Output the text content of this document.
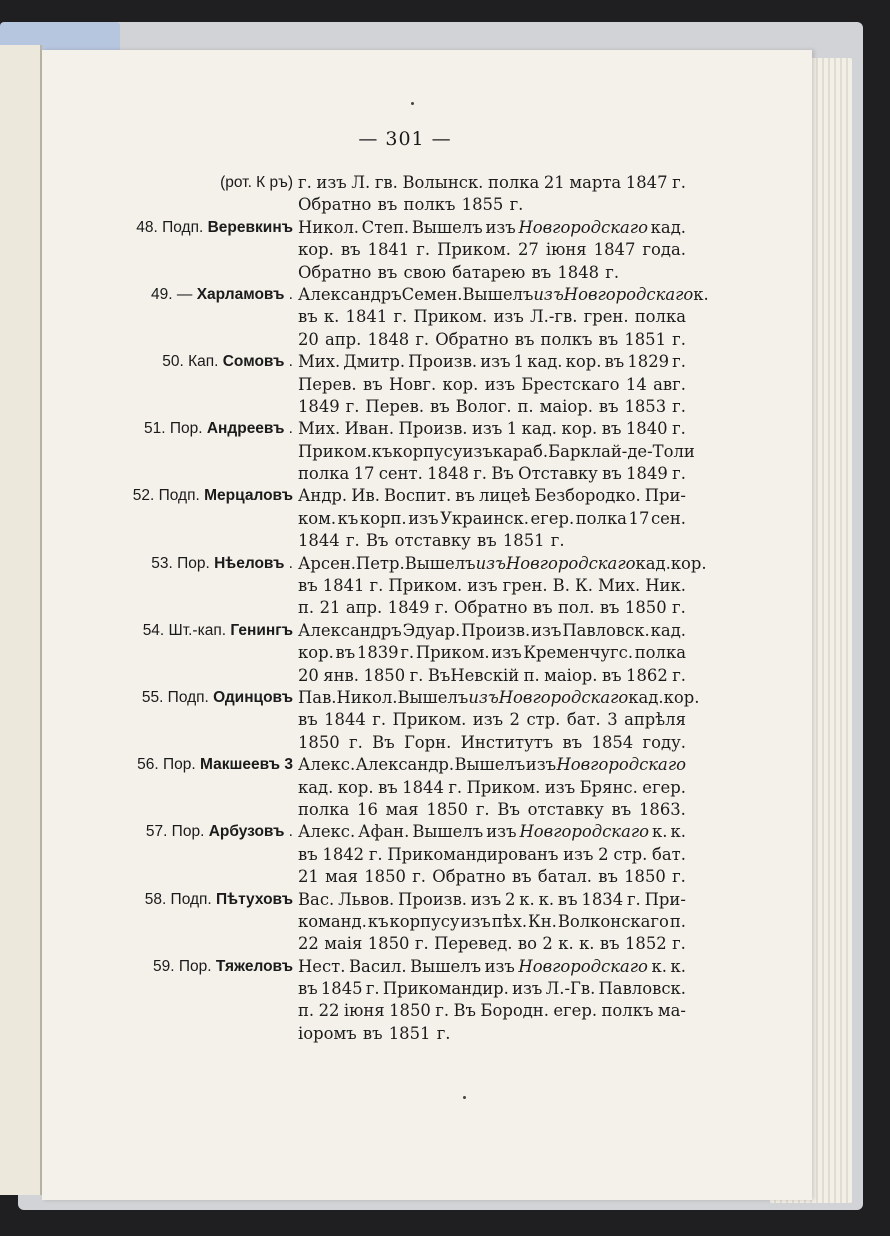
— 301 —
(рот. К ръ) г. изъ Л. гв. Волынск. полка 21 марта 1847 г.
Обратно въ полкъ 1855 г.
48. Подп. Веревкинъ Никол. Степ. Вышелъ изъ Новгородскаго кад.
кор. въ 1841 г. Приком. 27 іюня 1847 года.
Обратно въ свою батарею въ 1848 г.
49. — Харламовъ . Александръ Семен. Вышелъ изъ Новгородскаго к.
въ к. 1841 г. Приком. изъ Л.-гв. грен. полка
20 апр. 1848 г. Обратно въ полкъ въ 1851 г.
50. Кап. Сомовъ . Мих. Дмитр. Произв. изъ 1 кад. кор. въ 1829 г.
Перев. въ Новг. кор. изъ Брестскаго 14 авг.
1849 г. Перев. въ Волог. п. маіор. въ 1853 г.
51. Пор. Андреевъ . Мих. Иван. Произв. изъ 1 кад. кор. въ 1840 г.
Приком. къ корпусу изъ караб. Барклай-де-Толи
полка 17 сент. 1848 г. Въ Отставку въ 1849 г.
52. Подп. Мерцаловъ Андр. Ив. Воспит. въ лицеѣ Безбородко. При-
ком. къ корп. изъ Украинск. егер. полка 17 сен.
1844 г. Въ отставку въ 1851 г.
53. Пор. Нѣеловъ . Арсен. Петр. Вышелъ изъ Новгородскаго кад. кор.
въ 1841 г. Приком. изъ грен. В. К. Мих. Ник.
п. 21 апр. 1849 г. Обратно въ пол. въ 1850 г.
54. Шт.-кап. Генингъ Александръ Эдуар. Произв. изъ Павловск. кад.
кор. въ 1839 г. Приком. изъ Кременчугс. полка
20 янв. 1850 г. ВъНевскій п. маіор. въ 1862 г.
55. Подп. Одинцовъ Пав. Никол. Вышелъ изъ Новгородскаго кад. кор.
въ 1844 г. Приком. изъ 2 стр. бат. 3 апрѣля
1850 г. Въ Горн. Институтъ въ 1854 году.
56. Пор. Макшеевъ 3 Алекс. Александр. Вышелъ изъ Новгородскаго
кад. кор. въ 1844 г. Приком. изъ Брянс. егер.
полка 16 мая 1850 г. Въ отставку въ 1863.
57. Пор. Арбузовъ . Алекс. Афан. Вышелъ изъ Новгородскаго к. к.
въ 1842 г. Прикомандированъ изъ 2 стр. бат.
21 мая 1850 г. Обратно въ батал. въ 1850 г.
58. Подп. Пѣтуховъ Вас. Львов. Произв. изъ 2 к. к. въ 1834 г. При-
команд. къ корпусу изъ пѣх. Кн. Волконскаго п.
22 маія 1850 г. Перевед. во 2 к. к. въ 1852 г.
59. Пор. Тяжеловъ Нест. Васил. Вышелъ изъ Новгородскаго к. к.
въ 1845 г. Прикомандир. изъ Л.-Гв. Павловск.
п. 22 іюня 1850 г. Въ Бородн. егер. полкъ ма-
іоромъ въ 1851 г.
